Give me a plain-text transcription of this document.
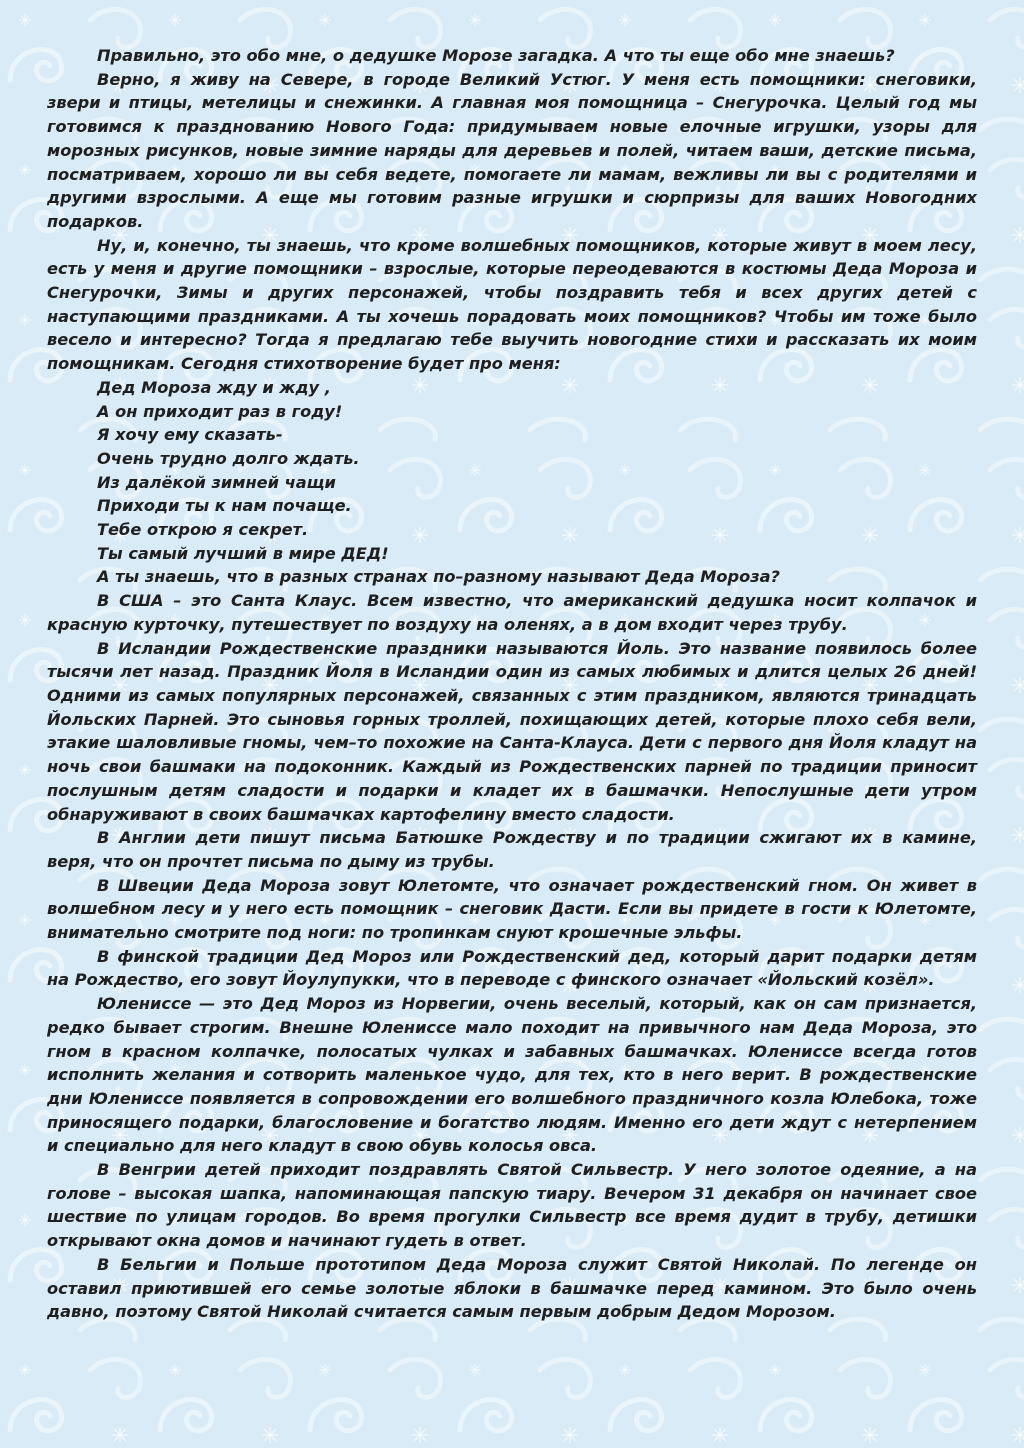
Правильно, это обо мне, о дедушке Морозе загадка. А что ты еще обо мне знаешь?

Верно, я живу на Севере, в городе Великий Устюг. У меня есть помощники: снеговики, звери и птицы, метелицы и снежинки. А главная моя помощница – Снегурочка. Целый год мы готовимся к празднованию Нового Года: придумываем новые елочные игрушки, узоры для морозных рисунков, новые зимние наряды для деревьев и полей, читаем ваши, детские письма, посматриваем, хорошо ли вы себя ведете, помогаете ли мамам, вежливы ли вы с родителями и другими взрослыми. А еще мы готовим разные игрушки и сюрпризы для ваших Новогодних подарков.

Ну, и, конечно, ты знаешь, что кроме волшебных помощников, которые живут в моем лесу, есть у меня и другие помощники – взрослые, которые переодеваются в костюмы Деда Мороза и Снегурочки, Зимы и других персонажей, чтобы поздравить тебя и всех других детей с наступающими праздниками. А ты хочешь порадовать моих помощников? Чтобы им тоже было весело и интересно? Тогда я предлагаю тебе выучить новогодние стихи и рассказать их моим помощникам. Сегодня стихотворение будет про меня:

Дед Мороза жду и жду ,
А он приходит раз в году!
Я хочу ему сказать-
Очень трудно долго ждать.
Из далёкой зимней чащи
Приходи ты к нам почаще.
Тебе открою я секрет.
Ты самый лучший в мире ДЕД!

А ты знаешь, что в разных странах по–разному называют Деда Мороза?

В США – это Санта Клаус. Всем известно, что американский дедушка носит колпачок и красную курточку, путешествует по воздуху на оленях, а в дом входит через трубу.

В Исландии Рождественские праздники называются Йоль. Это название появилось более тысячи лет назад. Праздник Йоля в Исландии один из самых любимых и длится целых 26 дней! Одними из самых популярных персонажей, связанных с этим праздником, являются тринадцать Йольских Парней. Это сыновья горных троллей, похищающих детей, которые плохо себя вели, этакие шаловливые гномы, чем–то похожие на Санта-Клауса. Дети с первого дня Йоля кладут на ночь свои башмаки на подоконник. Каждый из Рождественских парней по традиции приносит послушным детям сладости и подарки и кладет их в башмачки. Непослушные дети утром обнаруживают в своих башмачках картофелину вместо сладости.

В Англии дети пишут письма Батюшке Рождеству и по традиции сжигают их в камине, веря, что он прочтет письма по дыму из трубы.

В Швеции Деда Мороза зовут Юлетомте, что означает рождественский гном. Он живет в волшебном лесу и у него есть помощник – снеговик Дасти. Если вы придете в гости к Юлетомте, внимательно смотрите под ноги: по тропинкам снуют крошечные эльфы.

В финской традиции Дед Мороз или Рождественский дед, который дарит подарки детям на Рождество, его зовут Йоулупукки, что в переводе с финского означает «Йольский козёл».

Юлениссе — это Дед Мороз из Норвегии, очень веселый, который, как он сам признается, редко бывает строгим. Внешне Юлениссе мало походит на привычного нам Деда Мороза, это гном в красном колпачке, полосатых чулках и забавных башмачках. Юлениссе всегда готов исполнить желания и сотворить маленькое чудо, для тех, кто в него верит. В рождественские дни Юлениссе появляется в сопровождении его волшебного праздничного козла Юлебока, тоже приносящего подарки, благословение и богатство людям. Именно его дети ждут с нетерпением и специально для него кладут в свою обувь колосья овса.

В Венгрии детей приходит поздравлять Святой Сильвестр. У него золотое одеяние, а на голове – высокая шапка, напоминающая папскую тиару. Вечером 31 декабря он начинает свое шествие по улицам городов. Во время прогулки Сильвестр все время дудит в трубу, детишки открывают окна домов и начинают гудеть в ответ.

В Бельгии и Польше прототипом Деда Мороза служит Святой Николай. По легенде он оставил приютившей его семье золотые яблоки в башмачке перед камином. Это было очень давно, поэтому Святой Николай считается самым первым добрым Дедом Морозом.
